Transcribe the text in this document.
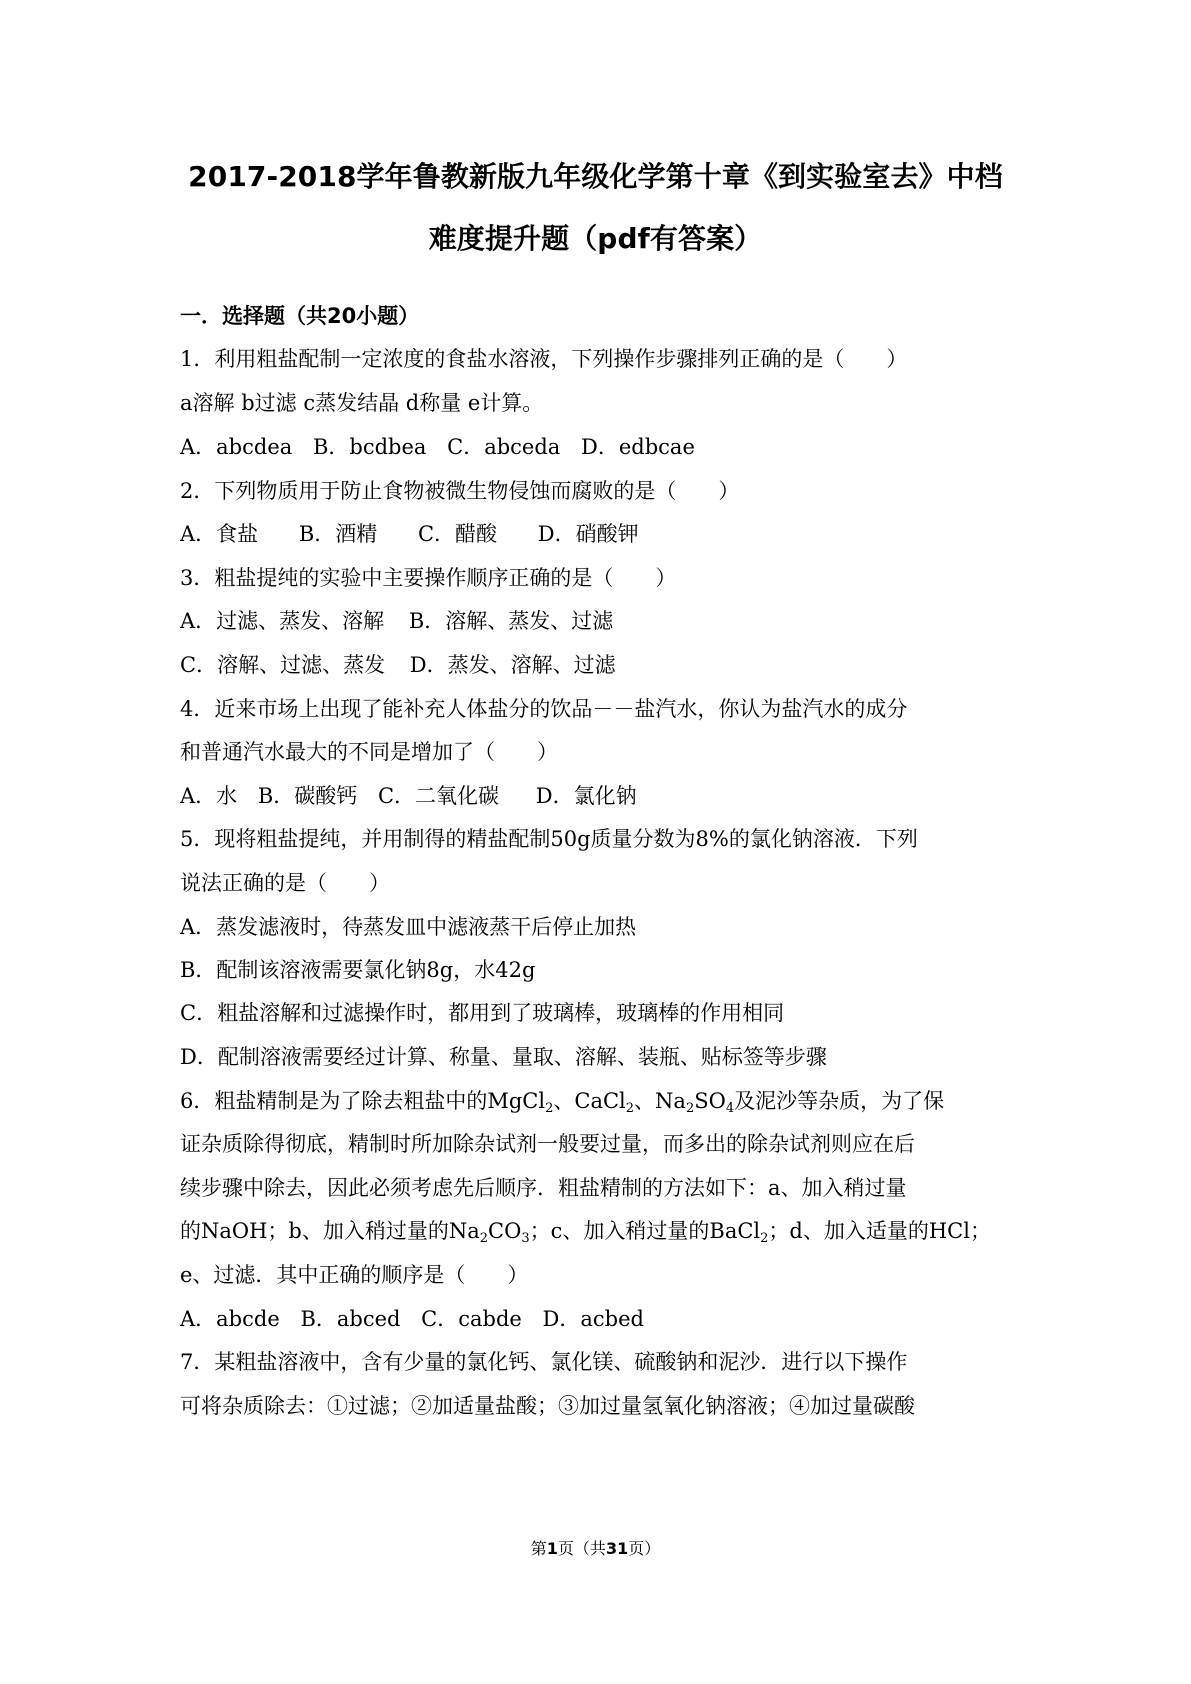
2017-2018学年鲁教新版九年级化学第十章《到实验室去》中档
难度提升题（pdf有答案）
一．选择题（共20小题）
1．利用粗盐配制一定浓度的食盐水溶液，下列操作步骤排列正确的是（　　）
a溶解 b过滤 c蒸发结晶 d称量 e计算。
A．abcdea B．bcdbea C．abceda D．edbcae
2．下列物质用于防止食物被微生物侵蚀而腐败的是（　　）
A．食盐 B．酒精 C．醋酸 D．硝酸钾
3．粗盐提纯的实验中主要操作顺序正确的是（　　）
A．过滤、蒸发、溶解 B．溶解、蒸发、过滤
C．溶解、过滤、蒸发 D．蒸发、溶解、过滤
4．近来市场上出现了能补充人体盐分的饮品－－盐汽水，你认为盐汽水的成分
和普通汽水最大的不同是增加了（　　）
A．水 B．碳酸钙 C．二氧化碳 D．氯化钠
5．现将粗盐提纯，并用制得的精盐配制50g质量分数为8%的氯化钠溶液．下列
说法正确的是（　　）
A．蒸发滤液时，待蒸发皿中滤液蒸干后停止加热
B．配制该溶液需要氯化钠8g，水42g
C．粗盐溶解和过滤操作时，都用到了玻璃棒，玻璃棒的作用相同
D．配制溶液需要经过计算、称量、量取、溶解、装瓶、贴标签等步骤
6．粗盐精制是为了除去粗盐中的MgCl$_2$、CaCl$_2$、$Na_2SO_4$及泥沙等杂质，为了保
证杂质除得彻底，精制时所加除杂试剂一般要过量，而多出的除杂试剂则应在后
续步骤中除去，因此必须考虑先后顺序．粗盐精制的方法如下：a、加入稍过量
的NaOH；b、加入稍过量的$Na_2CO_3$；c、加入稍过量的BaCl$_2$；d、加入适量的HCl；
e、过滤．其中正确的顺序是（　　）
A．abcde B．abced C．cabde D．acbed
7．某粗盐溶液中，含有少量的氯化钙、氯化镁、硫酸钠和泥沙．进行以下操作
可将杂质除去：①过滤；②加适量盐酸；③加过量氢氧化钠溶液；④加过量碳酸
第1页（共31页）
